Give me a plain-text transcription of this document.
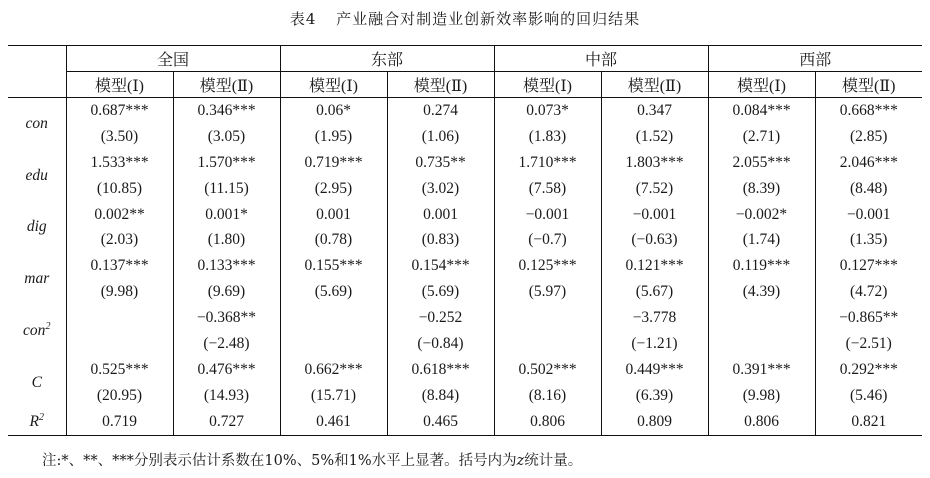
表4 产业融合对制造业创新效率影响的回归结果
	全国		东部		中部		西部	
	模型(Ⅰ)	模型(Ⅱ)	模型(Ⅰ)	模型(Ⅱ)	模型(Ⅰ)	模型(Ⅱ)	模型(Ⅰ)	模型(Ⅱ)
con	0.687***	0.346***	0.06*	0.274	0.073*	0.347	0.084***	0.668***
	(3.50)	(3.05)	(1.95)	(1.06)	(1.83)	(1.52)	(2.71)	(2.85)
edu	1.533***	1.570***	0.719***	0.735**	1.710***	1.803***	2.055***	2.046***
	(10.85)	(11.15)	(2.95)	(3.02)	(7.58)	(7.52)	(8.39)	(8.48)
dig	0.002**	0.001*	0.001	0.001	−0.001	−0.001	−0.002*	−0.001
	(2.03)	(1.80)	(0.78)	(0.83)	(−0.7)	(−0.63)	(1.74)	(1.35)
mar	0.137***	0.133***	0.155***	0.154***	0.125***	0.121***	0.119***	0.127***
	(9.98)	(9.69)	(5.69)	(5.69)	(5.97)	(5.67)	(4.39)	(4.72)
con$^2$		−0.368**		−0.252		−3.778		−0.865**
		(−2.48)		(−0.84)		(−1.21)		(−2.51)
C	0.525***	0.476***	0.662***	0.618***	0.502***	0.449***	0.391***	0.292***
	(20.95)	(14.93)	(15.71)	(8.84)	(8.16)	(6.39)	(9.98)	(5.46)
$R^2$	0.719	0.727	0.461	0.465	0.806	0.809	0.806	0.821
注:*、**、***分别表示估计系数在10%、5%和1%水平上显著。括号内为z统计量。
